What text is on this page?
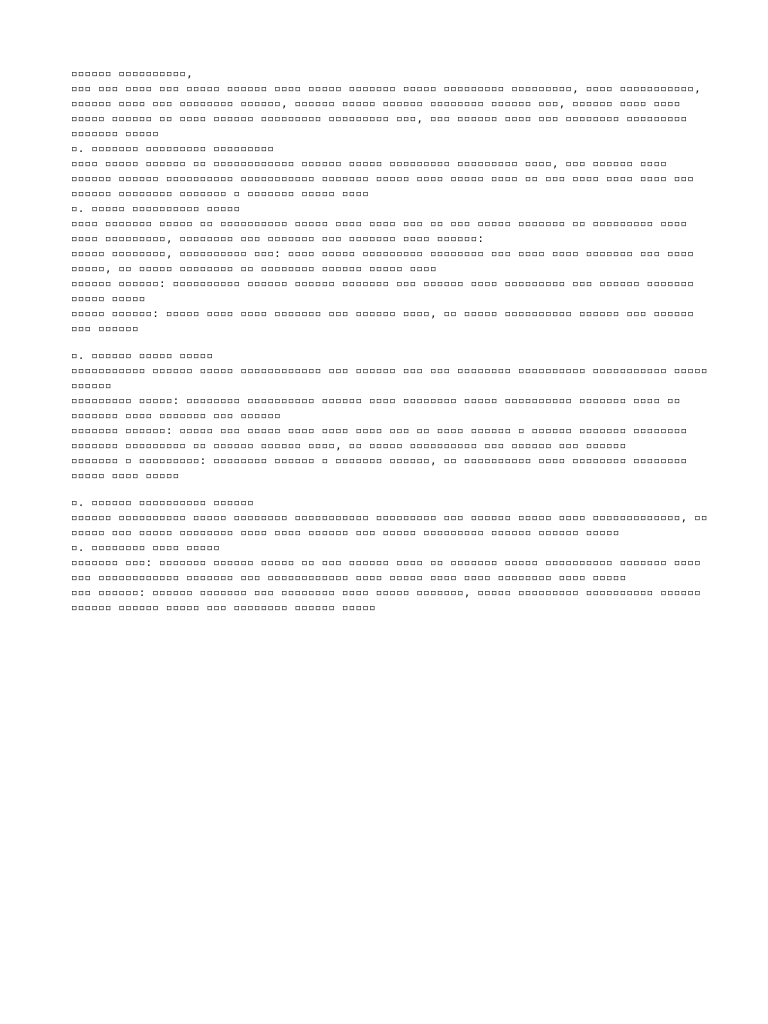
▫▫▫▫▫▫ ▫▫▫▫▫▫▫▫▫▫,

▫▫▫ ▫▫▫ ▫▫▫▫ ▫▫▫ ▫▫▫▫▫ ▫▫▫▫▫▫ ▫▫▫▫ ▫▫▫▫▫ ▫▫▫▫▫▫▫ ▫▫▫▫▫ ▫▫▫▫▫▫▫▫▫ ▫▫▫▫▫▫▫▫▫, ▫▫▫▫ ▫▫▫▫▫▫▫▫▫▫▫, ▫▫▫▫▫▫ ▫▫▫▫ ▫▫▫ ▫▫▫▫▫▫▫▫ ▫▫▫▫▫▫, ▫▫▫▫▫▫ ▫▫▫▫▫ ▫▫▫▫▫▫ ▫▫▫▫▫▫▫▫ ▫▫▫▫▫▫ ▫▫▫, ▫▫▫▫▫▫ ▫▫▫▫ ▫▫▫▫ ▫▫▫▫▫ ▫▫▫▫▫▫ ▫▫ ▫▫▫▫ ▫▫▫▫▫▫ ▫▫▫▫▫▫▫▫▫ ▫▫▫▫▫▫▫▫▫ ▫▫▫, ▫▫▫ ▫▫▫▫▫▫ ▫▫▫▫ ▫▫▫ ▫▫▫▫▫▫▫▫ ▫▫▫▫▫▫▫▫▫ ▫▫▫▫▫▫▫ ▫▫▫▫▫

▫. ▫▫▫▫▫▫▫ ▫▫▫▫▫▫▫▫▫ ▫▫▫▫▫▫▫▫▫

▫▫▫▫ ▫▫▫▫▫ ▫▫▫▫▫▫ ▫▫ ▫▫▫▫▫▫▫▫▫▫▫▫ ▫▫▫▫▫▫ ▫▫▫▫▫ ▫▫▫▫▫▫▫▫▫ ▫▫▫▫▫▫▫▫▫ ▫▫▫▫, ▫▫▫ ▫▫▫▫▫▫ ▫▫▫▫ ▫▫▫▫▫▫ ▫▫▫▫▫▫ ▫▫▫▫▫▫▫▫▫▫ ▫▫▫▫▫▫▫▫▫▫▫ ▫▫▫▫▫▫▫ ▫▫▫▫▫ ▫▫▫▫ ▫▫▫▫▫ ▫▫▫▫ ▫▫ ▫▫▫ ▫▫▫▫ ▫▫▫▫ ▫▫▫▫ ▫▫▫ ▫▫▫▫▫▫ ▫▫▫▫▫▫▫▫ ▫▫▫▫▫▫▫ ▫ ▫▫▫▫▫▫▫ ▫▫▫▫▫ ▫▫▫▫

▫. ▫▫▫▫▫ ▫▫▫▫▫▫▫▫▫▫ ▫▫▫▫▫

▫▫▫▫ ▫▫▫▫▫▫▫ ▫▫▫▫▫ ▫▫ ▫▫▫▫▫▫▫▫▫▫ ▫▫▫▫▫ ▫▫▫▫ ▫▫▫▫ ▫▫▫ ▫▫ ▫▫▫ ▫▫▫▫▫ ▫▫▫▫▫▫▫ ▫▫ ▫▫▫▫▫▫▫▫▫ ▫▫▫▫ ▫▫▫▫ ▫▫▫▫▫▫▫▫▫, ▫▫▫▫▫▫▫▫ ▫▫▫ ▫▫▫▫▫▫▫ ▫▫▫ ▫▫▫▫▫▫▫ ▫▫▫▫ ▫▫▫▫▫▫:

▫▫▫▫▫ ▫▫▫▫▫▫▫▫, ▫▫▫▫▫▫▫▫▫▫ ▫▫▫: ▫▫▫▫ ▫▫▫▫▫ ▫▫▫▫▫▫▫▫▫ ▫▫▫▫▫▫▫▫ ▫▫▫ ▫▫▫▫ ▫▫▫▫ ▫▫▫▫▫▫▫ ▫▫▫ ▫▫▫▫ ▫▫▫▫▫, ▫▫ ▫▫▫▫▫ ▫▫▫▫▫▫▫▫ ▫▫ ▫▫▫▫▫▫▫▫ ▫▫▫▫▫▫ ▫▫▫▫▫ ▫▫▫▫

▫▫▫▫▫▫ ▫▫▫▫▫▫: ▫▫▫▫▫▫▫▫▫▫ ▫▫▫▫▫▫ ▫▫▫▫▫▫ ▫▫▫▫▫▫▫ ▫▫▫ ▫▫▫▫▫▫ ▫▫▫▫ ▫▫▫▫▫▫▫▫▫ ▫▫▫ ▫▫▫▫▫▫ ▫▫▫▫▫▫▫ ▫▫▫▫▫ ▫▫▫▫▫

▫▫▫▫▫ ▫▫▫▫▫▫: ▫▫▫▫▫ ▫▫▫▫ ▫▫▫▫ ▫▫▫▫▫▫▫ ▫▫▫ ▫▫▫▫▫▫ ▫▫▫▫, ▫▫ ▫▫▫▫▫ ▫▫▫▫▫▫▫▫▫▫ ▫▫▫▫▫▫ ▫▫▫ ▫▫▫▫▫▫ ▫▫▫ ▫▫▫▫▫▫

▫. ▫▫▫▫▫▫ ▫▫▫▫▫ ▫▫▫▫▫

▫▫▫▫▫▫▫▫▫▫▫ ▫▫▫▫▫▫ ▫▫▫▫▫ ▫▫▫▫▫▫▫▫▫▫▫▫ ▫▫▫ ▫▫▫▫▫▫ ▫▫▫ ▫▫▫ ▫▫▫▫▫▫▫▫ ▫▫▫▫▫▫▫▫▫▫ ▫▫▫▫▫▫▫▫▫▫▫ ▫▫▫▫▫ ▫▫▫▫▫▫

▫▫▫▫▫▫▫▫▫ ▫▫▫▫▫: ▫▫▫▫▫▫▫▫ ▫▫▫▫▫▫▫▫▫▫ ▫▫▫▫▫▫ ▫▫▫▫ ▫▫▫▫▫▫▫▫ ▫▫▫▫▫ ▫▫▫▫▫▫▫▫▫▫ ▫▫▫▫▫▫▫ ▫▫▫▫ ▫▫ ▫▫▫▫▫▫▫ ▫▫▫▫ ▫▫▫▫▫▫▫ ▫▫▫ ▫▫▫▫▫▫

▫▫▫▫▫▫▫ ▫▫▫▫▫▫: ▫▫▫▫▫ ▫▫▫ ▫▫▫▫▫ ▫▫▫▫ ▫▫▫▫ ▫▫▫▫ ▫▫▫ ▫▫ ▫▫▫▫ ▫▫▫▫▫▫ ▫ ▫▫▫▫▫▫ ▫▫▫▫▫▫▫ ▫▫▫▫▫▫▫▫ ▫▫▫▫▫▫▫ ▫▫▫▫▫▫▫▫▫ ▫▫ ▫▫▫▫▫▫ ▫▫▫▫▫▫ ▫▫▫▫, ▫▫ ▫▫▫▫▫ ▫▫▫▫▫▫▫▫▫▫ ▫▫▫ ▫▫▫▫▫▫ ▫▫▫ ▫▫▫▫▫▫

▫▫▫▫▫▫▫ ▫ ▫▫▫▫▫▫▫▫▫: ▫▫▫▫▫▫▫▫ ▫▫▫▫▫▫ ▫ ▫▫▫▫▫▫▫ ▫▫▫▫▫▫, ▫▫ ▫▫▫▫▫▫▫▫▫▫ ▫▫▫▫ ▫▫▫▫▫▫▫▫ ▫▫▫▫▫▫▫▫ ▫▫▫▫▫ ▫▫▫▫ ▫▫▫▫▫

▫. ▫▫▫▫▫▫ ▫▫▫▫▫▫▫▫▫▫ ▫▫▫▫▫▫

▫▫▫▫▫▫ ▫▫▫▫▫▫▫▫▫▫ ▫▫▫▫▫ ▫▫▫▫▫▫▫▫ ▫▫▫▫▫▫▫▫▫▫▫ ▫▫▫▫▫▫▫▫▫ ▫▫▫ ▫▫▫▫▫▫ ▫▫▫▫▫ ▫▫▫▫ ▫▫▫▫▫▫▫▫▫▫▫▫▫, ▫▫ ▫▫▫▫▫ ▫▫▫ ▫▫▫▫▫ ▫▫▫▫▫▫▫▫ ▫▫▫▫ ▫▫▫▫ ▫▫▫▫▫▫ ▫▫▫ ▫▫▫▫▫ ▫▫▫▫▫▫▫▫▫ ▫▫▫▫▫▫ ▫▫▫▫▫▫ ▫▫▫▫▫

▫. ▫▫▫▫▫▫▫▫ ▫▫▫▫ ▫▫▫▫▫

▫▫▫▫▫▫▫ ▫▫▫: ▫▫▫▫▫▫▫ ▫▫▫▫▫▫ ▫▫▫▫▫ ▫▫ ▫▫▫ ▫▫▫▫▫▫ ▫▫▫▫ ▫▫ ▫▫▫▫▫▫▫ ▫▫▫▫▫ ▫▫▫▫▫▫▫▫▫▫ ▫▫▫▫▫▫▫ ▫▫▫▫ ▫▫▫ ▫▫▫▫▫▫▫▫▫▫▫▫ ▫▫▫▫▫▫▫ ▫▫▫ ▫▫▫▫▫▫▫▫▫▫▫▫ ▫▫▫▫ ▫▫▫▫▫ ▫▫▫▫ ▫▫▫▫ ▫▫▫▫▫▫▫▫ ▫▫▫▫ ▫▫▫▫▫

▫▫▫ ▫▫▫▫▫▫: ▫▫▫▫▫▫ ▫▫▫▫▫▫▫ ▫▫▫ ▫▫▫▫▫▫▫▫ ▫▫▫▫ ▫▫▫▫▫ ▫▫▫▫▫▫▫, ▫▫▫▫▫ ▫▫▫▫▫▫▫▫▫ ▫▫▫▫▫▫▫▫▫▫ ▫▫▫▫▫▫ ▫▫▫▫▫▫ ▫▫▫▫▫▫ ▫▫▫▫▫ ▫▫▫ ▫▫▫▫▫▫▫▫ ▫▫▫▫▫▫ ▫▫▫▫▫
